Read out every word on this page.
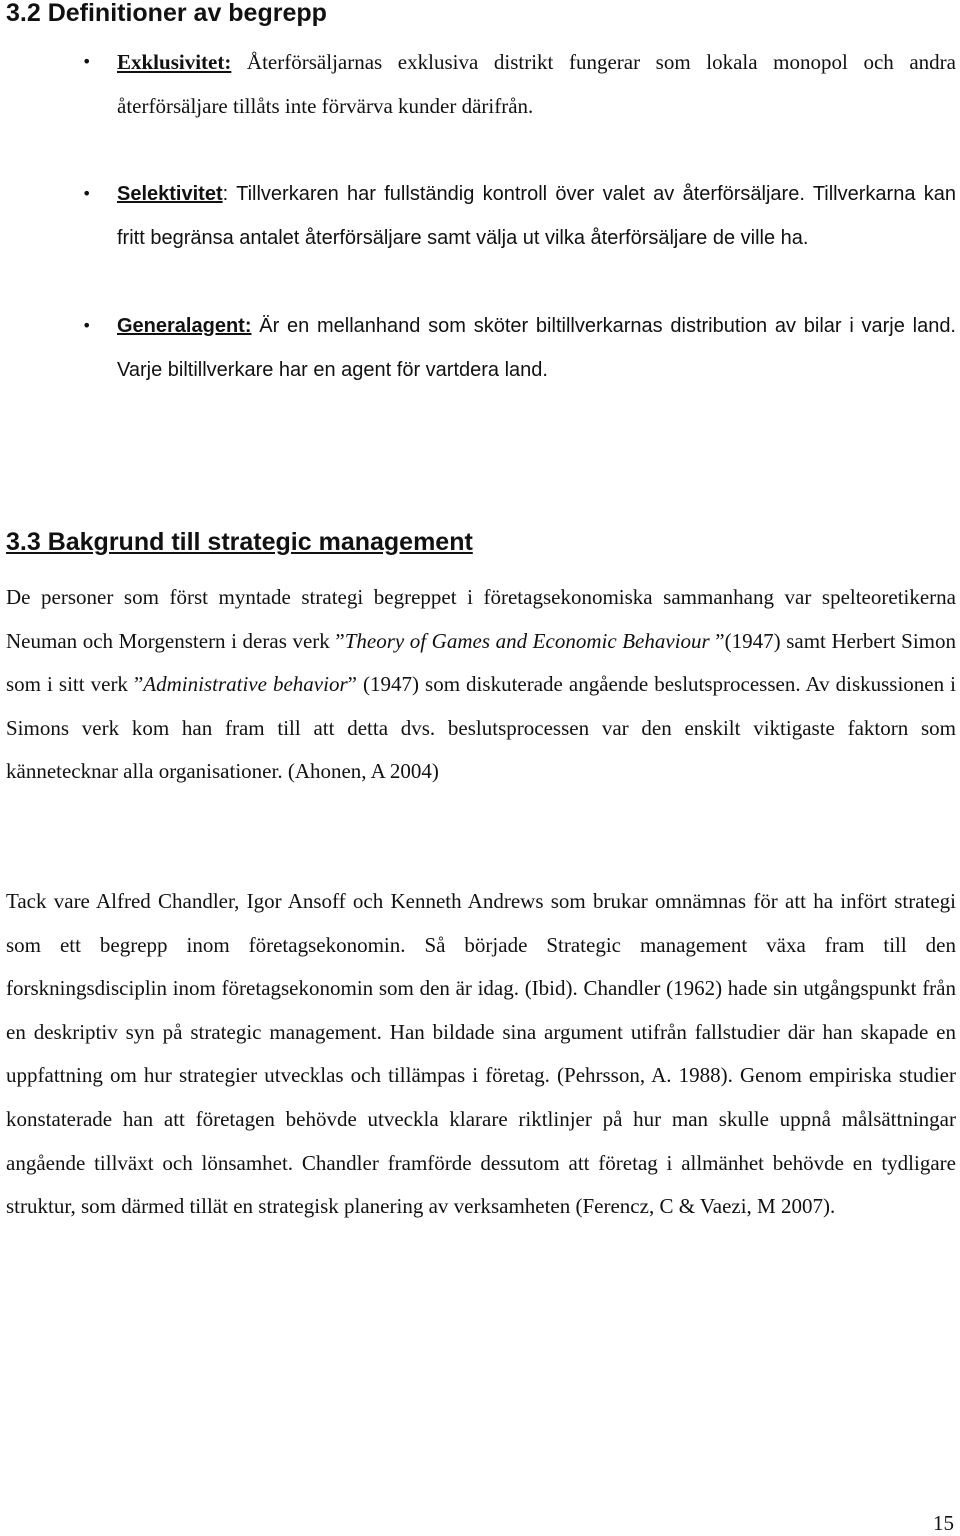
3.2 Definitioner av begrepp
• Exklusivitet: Återförsäljarnas exklusiva distrikt fungerar som lokala monopol och andra återförsäljare tillåts inte förvärva kunder därifrån.
• Selektivitet: Tillverkaren har fullständig kontroll över valet av återförsäljare. Tillverkarna kan fritt begränsa antalet återförsäljare samt välja ut vilka återförsäljare de ville ha.
• Generalagent: Är en mellanhand som sköter biltillverkarnas distribution av bilar i varje land. Varje biltillverkare har en agent för vartdera land.
3.3 Bakgrund till strategic management

De personer som först myntade strategi begreppet i företagsekonomiska sammanhang var spelteoretikerna Neuman och Morgenstern i deras verk ”Theory of Games and Economic Behaviour ”(1947) samt Herbert Simon som i sitt verk ”Administrative behavior” (1947) som diskuterade angående beslutsprocessen. Av diskussionen i Simons verk kom han fram till att detta dvs. beslutsprocessen var den enskilt viktigaste faktorn som kännetecknar alla organisationer. (Ahonen, A 2004)

Tack vare Alfred Chandler, Igor Ansoff och Kenneth Andrews som brukar omnämnas för att ha infört strategi som ett begrepp inom företagsekonomin. Så började Strategic management växa fram till den forskningsdisciplin inom företagsekonomin som den är idag. (Ibid). Chandler (1962) hade sin utgångspunkt från en deskriptiv syn på strategic management. Han bildade sina argument utifrån fallstudier där han skapade en uppfattning om hur strategier utvecklas och tillämpas i företag. (Pehrsson, A. 1988). Genom empiriska studier konstaterade han att företagen behövde utveckla klarare riktlinjer på hur man skulle uppnå målsättningar angående tillväxt och lönsamhet. Chandler framförde dessutom att företag i allmänhet behövde en tydligare struktur, som därmed tillät en strategisk planering av verksamheten (Ferencz, C & Vaezi, M 2007).

15
